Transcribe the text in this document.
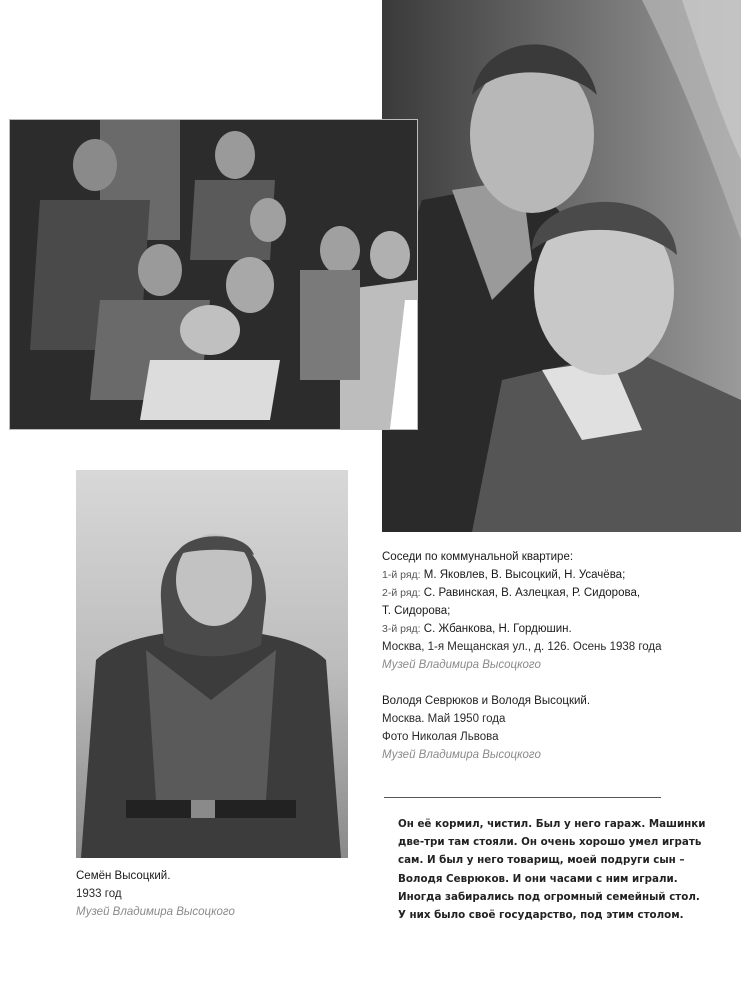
Соседи по коммунальной квартире:
1-й ряд: М. Яковлев, В. Высоцкий, Н. Усачёва;
2-й ряд: С. Равинская, В. Азлецкая, Р. Сидорова,
Т. Сидорова;
3-й ряд: С. Жбанкова, Н. Гордюшин.
Москва, 1-я Мещанская ул., д. 126. Осень 1938 года
Музей Владимира Высоцкого
Володя Севрюков и Володя Высоцкий.
Москва. Май 1950 года
Фото Николая Львова
Музей Владимира Высоцкого
Семён Высоцкий.
1933 год
Музей Владимира Высоцкого
Он её кормил, чистил. Был у него гараж. Машинки
две-три там стояли. Он очень хорошо умел играть
сам. И был у него товарищ, моей подруги сын –
Володя Севрюков. И они часами с ним играли.
Иногда забирались под огромный семейный стол.
У них было своё государство, под этим столом.
